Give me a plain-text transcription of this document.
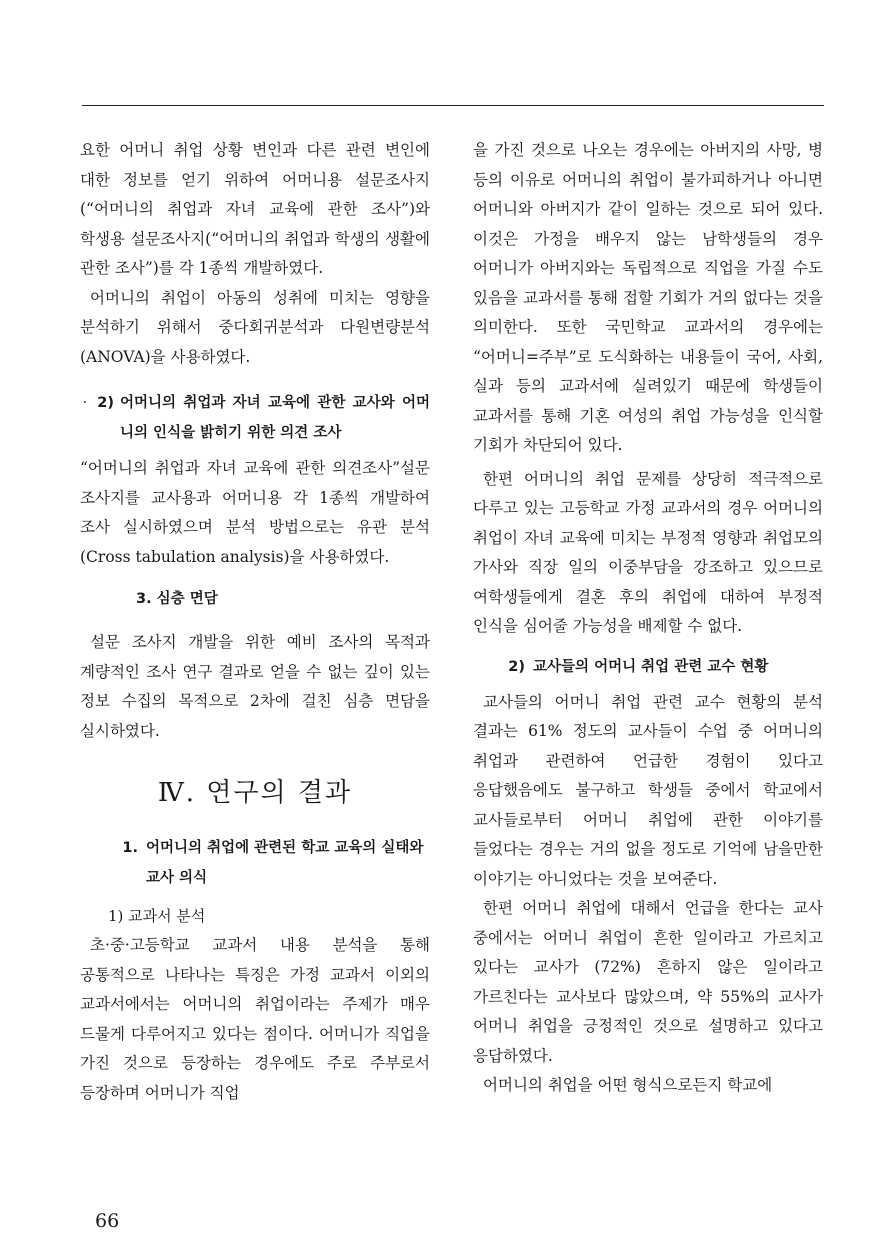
요한 어머니 취업 상황 변인과 다른 관련 변인에 대한 정보를 얻기 위하여 어머니용 설문조사지(“어머니의 취업과 자녀 교육에 관한 조사”)와 학생용 설문조사지(“어머니의 취업과 학생의 생활에 관한 조사”)를 각 1종씩 개발하였다.

어머니의 취업이 아동의 성취에 미치는 영향을 분석하기 위해서 중다회귀분석과 다원변량분석(ANOVA)을 사용하였다.

· 2) 어머니의 취업과 자녀 교육에 관한 교사와 어머니의 인식을 밝히기 위한 의견 조사

“어머니의 취업과 자녀 교육에 관한 의견조사”설문 조사지를 교사용과 어머니용 각 1종씩 개발하여 조사 실시하였으며 분석 방법으로는 유관 분석(Cross tabulation analysis)을 사용하였다.

3. 심층 면담

설문 조사지 개발을 위한 예비 조사의 목적과 계량적인 조사 연구 결과로 얻을 수 없는 깊이 있는 정보 수집의 목적으로 2차에 걸친 심층 면담을 실시하였다.

Ⅳ. 연구의 결과
1. 어머니의 취업에 관련된 학교 교육의 실태와 교사 의식
1) 교과서 분석

초·중·고등학교 교과서 내용 분석을 통해 공통적으로 나타나는 특징은 가정 교과서 이외의 교과서에서는 어머니의 취업이라는 주제가 매우 드물게 다루어지고 있다는 점이다. 어머니가 직업을 가진 것으로 등장하는 경우에도 주로 주부로서 등장하며 어머니가 직업

을 가진 것으로 나오는 경우에는 아버지의 사망, 병 등의 이유로 어머니의 취업이 불가피하거나 아니면 어머니와 아버지가 같이 일하는 것으로 되어 있다. 이것은 가정을 배우지 않는 남학생들의 경우 어머니가 아버지와는 독립적으로 직업을 가질 수도 있음을 교과서를 통해 접할 기회가 거의 없다는 것을 의미한다. 또한 국민학교 교과서의 경우에는 “어머니=주부”로 도식화하는 내용들이 국어, 사회, 실과 등의 교과서에 실려있기 때문에 학생들이 교과서를 통해 기혼 여성의 취업 가능성을 인식할 기회가 차단되어 있다.

한편 어머니의 취업 문제를 상당히 적극적으로 다루고 있는 고등학교 가정 교과서의 경우 어머니의 취업이 자녀 교육에 미치는 부정적 영향과 취업모의 가사와 직장 일의 이중부담을 강조하고 있으므로 여학생들에게 결혼 후의 취업에 대하여 부정적 인식을 심어줄 가능성을 배제할 수 없다.

2) 교사들의 어머니 취업 관련 교수 현황

교사들의 어머니 취업 관련 교수 현황의 분석 결과는 61% 정도의 교사들이 수업 중 어머니의 취업과 관련하여 언급한 경험이 있다고 응답했음에도 불구하고 학생들 중에서 학교에서 교사들로부터 어머니 취업에 관한 이야기를 들었다는 경우는 거의 없을 정도로 기억에 남을만한 이야기는 아니었다는 것을 보여준다.

한편 어머니 취업에 대해서 언급을 한다는 교사 중에서는 어머니 취업이 흔한 일이라고 가르치고 있다는 교사가 (72%) 흔하지 않은 일이라고 가르친다는 교사보다 많았으며, 약 55%의 교사가 어머니 취업을 긍정적인 것으로 설명하고 있다고 응답하였다.

어머니의 취업을 어떤 형식으로든지 학교에

66
